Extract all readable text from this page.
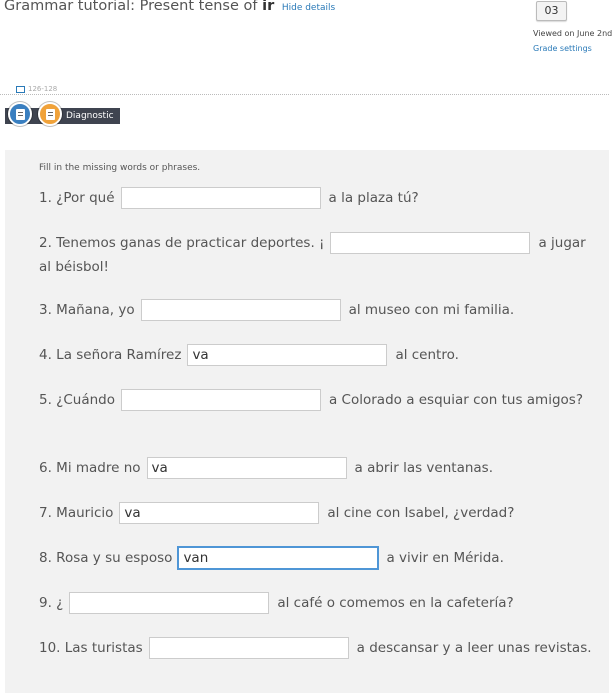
Grammar tutorial: Present tense of ir Hide details	03
Viewed on June 2nd
Grade settings
126-128
Diagnostic
Fill in the missing words or phrases.
1. ¿Por qué	a la plaza tú?
2. Tenemos ganas de practicar deportes. ¡	a jugar al béisbol!
3. Mañana, yo	al museo con mi familia.
4. La señora Ramírez va	al centro.
5. ¿Cuándo	a Colorado a esquiar con tus amigos?
6. Mi madre no va	a abrir las ventanas.
7. Mauricio va	al cine con Isabel, ¿verdad?
8. Rosa y su esposo van	a vivir en Mérida.
9. ¿	al café o comemos en la cafetería?
10. Las turistas	a descansar y a leer unas revistas.
